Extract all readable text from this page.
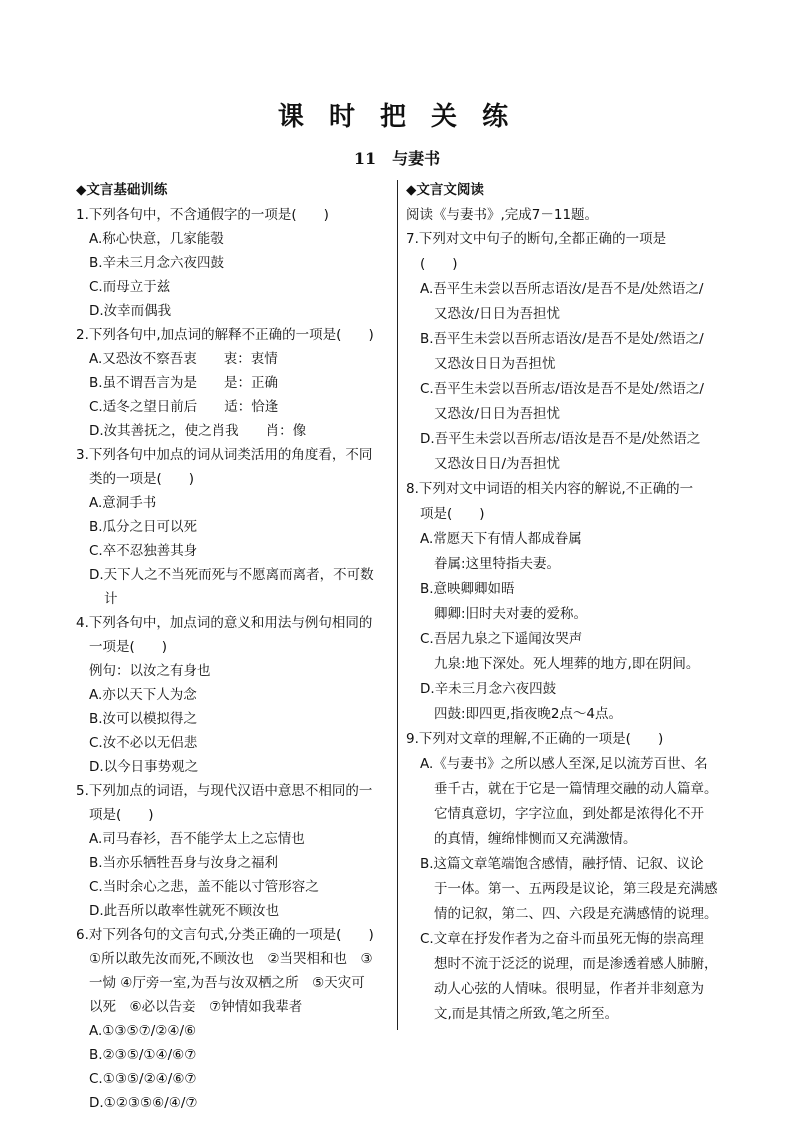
课 时 把 关 练
11　与妻书
◆文言基础训练
1.下列各句中，不含通假字的一项是(　　)
A.称心快意，几家能彀
B.辛未三月念六夜四鼓
C.而母立于兹
D.汝幸而偶我
2.下列各句中,加点词的解释不正确的一项是(　　)
A.又恐汝不察吾衷　　衷：衷情
B.虽不谓吾言为是　　是：正确
C.适冬之望日前后　　适：恰逢
D.汝其善抚之，使之肖我　　肖：像
3.下列各句中加点的词从词类活用的角度看，不同
类的一项是(　　)
A.意洞手书
B.瓜分之日可以死
C.卒不忍独善其身
D.天下人之不当死而死与不愿离而离者，不可数
计
4.下列各句中，加点词的意义和用法与例句相同的
一项是(　　)
例句：以汝之有身也
A.亦以天下人为念
B.汝可以模拟得之
C.汝不必以无侣悲
D.以今日事势观之
5.下列加点的词语，与现代汉语中意思不相同的一
项是(　　)
A.司马春衫，吾不能学太上之忘情也
B.当亦乐牺牲吾身与汝身之福利
C.当时余心之悲，盖不能以寸管形容之
D.此吾所以敢率性就死不顾汝也
6.对下列各句的文言句式,分类正确的一项是(　　)
①所以敢先汝而死,不顾汝也　②当哭相和也　③
一恸 ④厅旁一室,为吾与汝双栖之所　⑤天灾可
以死　⑥必以告妾　⑦钟情如我辈者
A.①③⑤⑦/②④/⑥
B.②③⑤/①④/⑥⑦
C.①③⑤/②④/⑥⑦
D.①②③⑤⑥/④/⑦
◆文言文阅读
阅读《与妻书》,完成7－11题。
7.下列对文中句子的断句,全都正确的一项是
(　　)
A.吾平生未尝以吾所志语汝/是吾不是/处然语之/
又恐汝/日日为吾担忧
B.吾平生未尝以吾所志语汝/是吾不是处/然语之/
又恐汝日日为吾担忧
C.吾平生未尝以吾所志/语汝是吾不是处/然语之/
又恐汝/日日为吾担忧
D.吾平生未尝以吾所志/语汝是吾不是/处然语之
又恐汝日日/为吾担忧
8.下列对文中词语的相关内容的解说,不正确的一
项是(　　)
A.常愿天下有情人都成眷属
眷属:这里特指夫妻。
B.意映卿卿如晤
卿卿:旧时夫对妻的爱称。
C.吾居九泉之下遥闻汝哭声
九泉:地下深处。死人埋葬的地方,即在阴间。
D.辛未三月念六夜四鼓
四鼓:即四更,指夜晚2点～4点。
9.下列对文章的理解,不正确的一项是(　　)
A.《与妻书》之所以感人至深,足以流芳百世、名
垂千古，就在于它是一篇情理交融的动人篇章。
它情真意切，字字泣血，到处都是浓得化不开
的真情，缠绵悱恻而又充满激情。
B.这篇文章笔端饱含感情，融抒情、记叙、议论
于一体。第一、五两段是议论，第三段是充满感
情的记叙，第二、四、六段是充满感情的说理。
C.文章在抒发作者为之奋斗而虽死无悔的崇高理
想时不流于泛泛的说理，而是渗透着感人肺腑，
动人心弦的人情味。很明显，作者并非刻意为
文,而是其情之所致,笔之所至。
